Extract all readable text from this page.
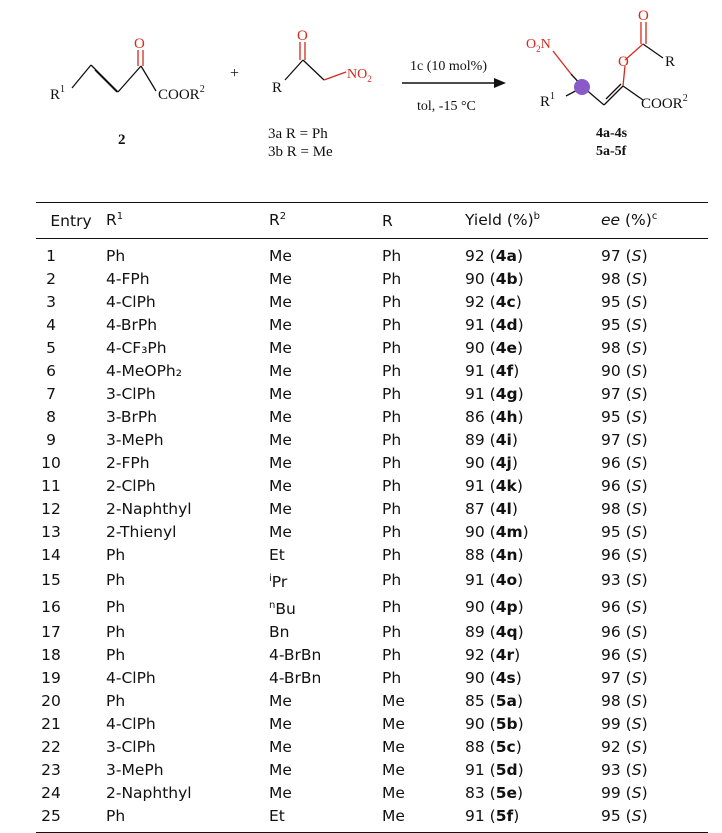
$R^1$
O
COOR$^2$
2
+
R
O
$NO_2$
3a R = Ph
3b R = Me
1c (10 mol%)
tol, -15 °C
$O_2N$
O
O R
$R^1$	COOR$^2$
4a-4s
5a-5f
Entry	$R^1$	$R^2$	R	Yield (%)$^b$	ee (%)$^c$
1	Ph	Me	Ph	92 (4a)	97 (S)
2	4-FPh	Me	Ph	90 (4b)	98 (S)
3	4-ClPh	Me	Ph	92 (4c)	95 (S)
4	4-BrPh	Me	Ph	91 (4d)	95 (S)
5	4-CF₃Ph	Me	Ph	90 (4e)	98 (S)
6	4-MeOPh₂	Me	Ph	91 (4f)	90 (S)
7	3-ClPh	Me	Ph	91 (4g)	97 (S)
8	3-BrPh	Me	Ph	86 (4h)	95 (S)
9	3-MePh	Me	Ph	89 (4i)	97 (S)
10	2-FPh	Me	Ph	90 (4j)	96 (S)
11	2-ClPh	Me	Ph	91 (4k)	96 (S)
12	2-Naphthyl	Me	Ph	87 (4l)	98 (S)
13	2-Thienyl	Me	Ph	90 (4m)	95 (S)
14	Ph	Et	Ph	88 (4n)	96 (S)
15	Ph	$^i$Pr	Ph	91 (4o)	93 (S)
16	Ph	$^n$Bu	Ph	90 (4p)	96 (S)
17	Ph	Bn	Ph	89 (4q)	96 (S)
18	Ph	4-BrBn	Ph	92 (4r)	96 (S)
19	4-ClPh	4-BrBn	Ph	90 (4s)	97 (S)
20	Ph	Me	Me	85 (5a)	98 (S)
21	4-ClPh	Me	Me	90 (5b)	99 (S)
22	3-ClPh	Me	Me	88 (5c)	92 (S)
23	3-MePh	Me	Me	91 (5d)	93 (S)
24	2-Naphthyl	Me	Me	83 (5e)	99 (S)
25	Ph	Et	Me	91 (5f)	95 (S)
